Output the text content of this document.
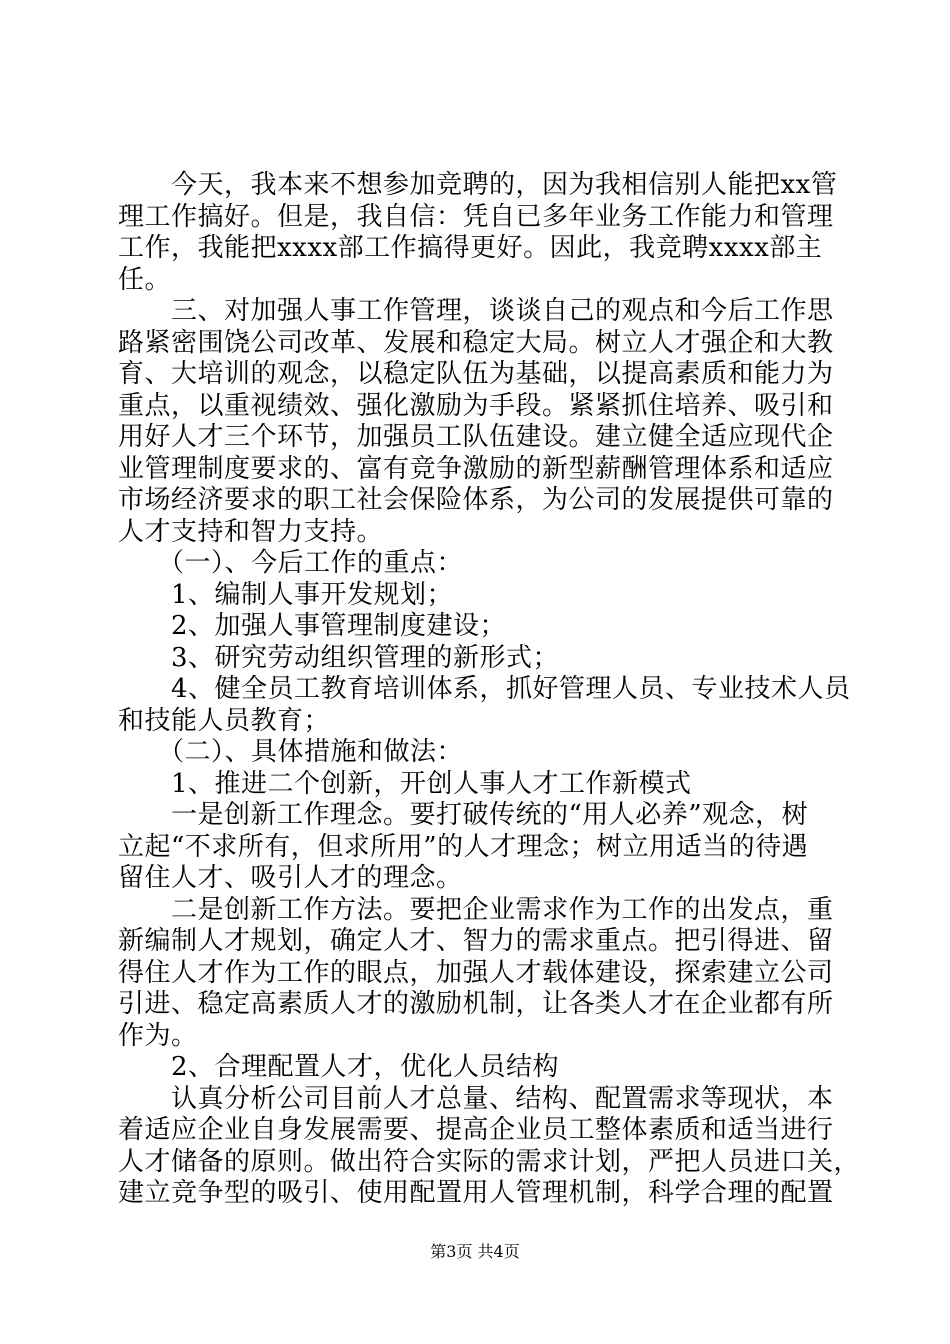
　　今天，我本来不想参加竞聘的，因为我相信别人能把xx管
理工作搞好。但是，我自信：凭自已多年业务工作能力和管理
工作，我能把xxxx部工作搞得更好。因此，我竞聘xxxx部主
任。
　　三、对加强人事工作管理，谈谈自己的观点和今后工作思
路紧密围饶公司改革、发展和稳定大局。树立人才强企和大教
育、大培训的观念，以稳定队伍为基础，以提高素质和能力为
重点，以重视绩效、强化激励为手段。紧紧抓住培养、吸引和
用好人才三个环节，加强员工队伍建设。建立健全适应现代企
业管理制度要求的、富有竞争激励的新型薪酬管理体系和适应
市场经济要求的职工社会保险体系，为公司的发展提供可靠的
人才支持和智力支持。
　　（一）、今后工作的重点：
　　1、编制人事开发规划；
　　2、加强人事管理制度建设；
　　3、研究劳动组织管理的新形式；
　　4、健全员工教育培训体系，抓好管理人员、专业技术人员
和技能人员教育；
　　（二）、具体措施和做法：
　　1、推进二个创新，开创人事人才工作新模式
　　一是创新工作理念。要打破传统的“用人必养”观念，树
立起“不求所有，但求所用”的人才理念；树立用适当的待遇
留住人才、吸引人才的理念。
　　二是创新工作方法。要把企业需求作为工作的出发点，重
新编制人才规划，确定人才、智力的需求重点。把引得进、留
得住人才作为工作的眼点，加强人才载体建设，探索建立公司
引进、稳定高素质人才的激励机制，让各类人才在企业都有所
作为。
　　2、合理配置人才，优化人员结构
　　认真分析公司目前人才总量、结构、配置需求等现状，本
着适应企业自身发展需要、提高企业员工整体素质和适当进行
人才储备的原则。做出符合实际的需求计划，严把人员进口关，
建立竞争型的吸引、使用配置用人管理机制，科学合理的配置
第3页 共4页
